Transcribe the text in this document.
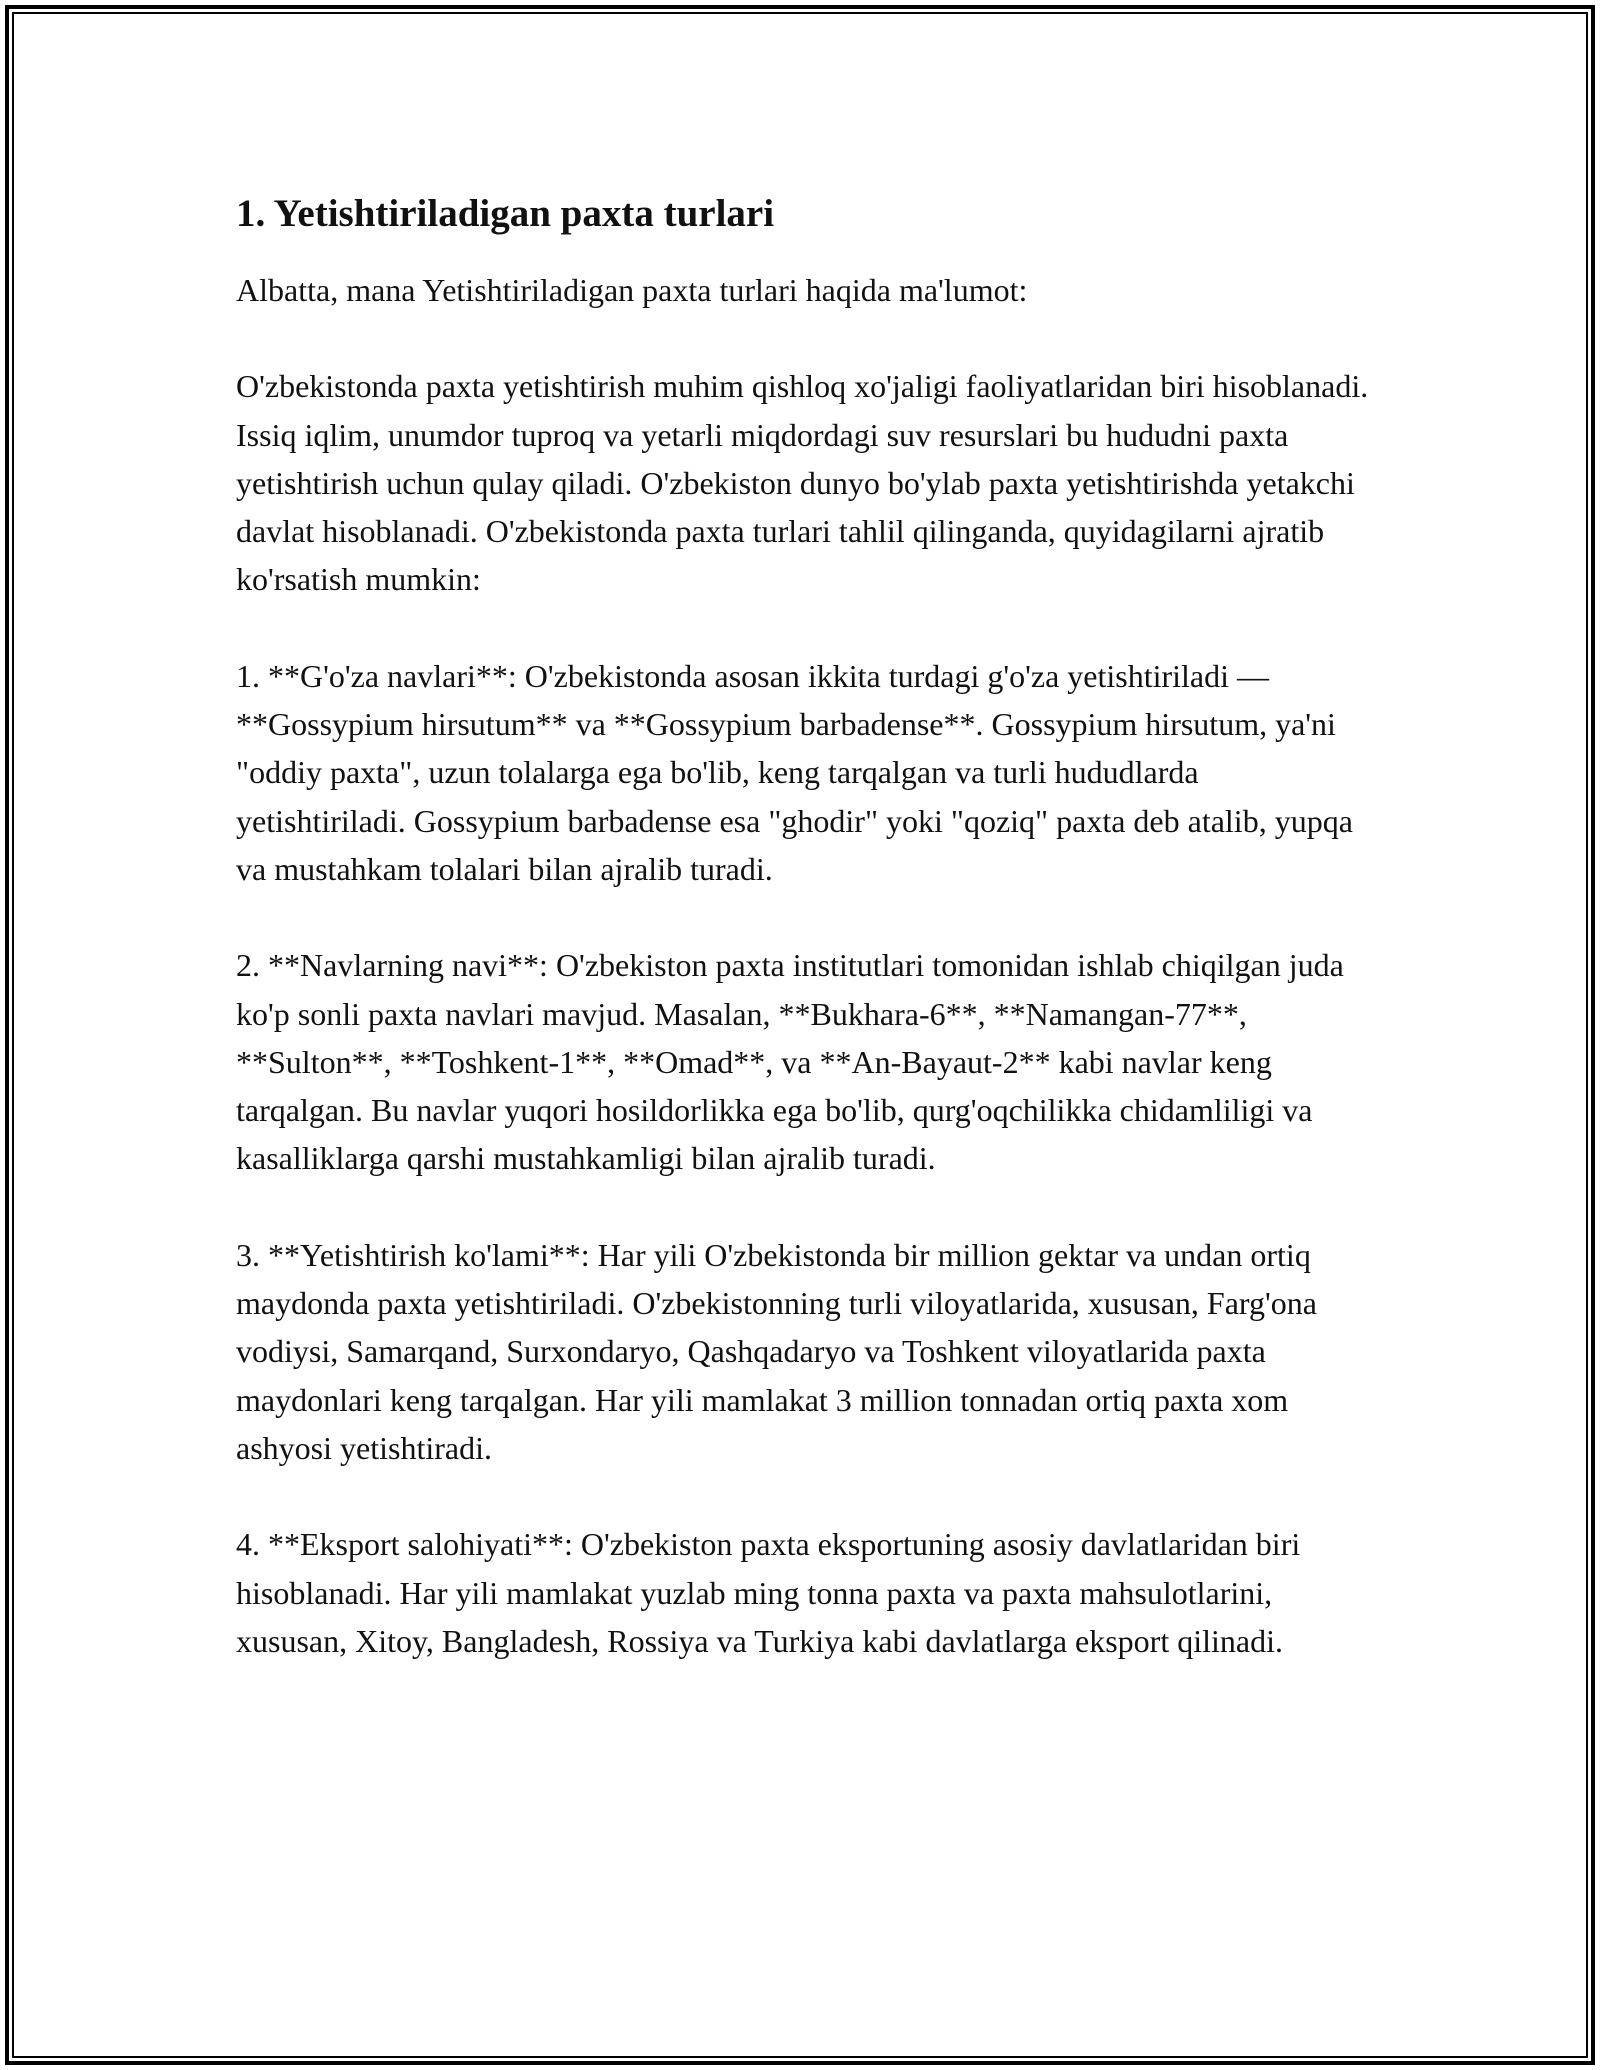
1. Yetishtiriladigan paxta turlari

Albatta, mana Yetishtiriladigan paxta turlari haqida ma'lumot:

O'zbekistonda paxta yetishtirish muhim qishloq xo'jaligi faoliyatlaridan biri hisoblanadi. Issiq iqlim, unumdor tuproq va yetarli miqdordagi suv resurslari bu hududni paxta yetishtirish uchun qulay qiladi. O'zbekiston dunyo bo'ylab paxta yetishtirishda yetakchi davlat hisoblanadi. O'zbekistonda paxta turlari tahlil qilinganda, quyidagilarni ajratib ko'rsatish mumkin:

1. **G'o'za navlari**: O'zbekistonda asosan ikkita turdagi g'o'za yetishtiriladi — **Gossypium hirsutum** va **Gossypium barbadense**. Gossypium hirsutum, ya'ni "oddiy paxta", uzun tolalarga ega bo'lib, keng tarqalgan va turli hududlarda yetishtiriladi. Gossypium barbadense esa "ghodir" yoki "qoziq" paxta deb atalib, yupqa va mustahkam tolalari bilan ajralib turadi.

2. **Navlarning navi**: O'zbekiston paxta institutlari tomonidan ishlab chiqilgan juda ko'p sonli paxta navlari mavjud. Masalan, **Bukhara-6**, **Namangan-77**, **Sulton**, **Toshkent-1**, **Omad**, va **An-Bayaut-2** kabi navlar keng tarqalgan. Bu navlar yuqori hosildorlikka ega bo'lib, qurg'oqchilikka chidamliligi va kasalliklarga qarshi mustahkamligi bilan ajralib turadi.

3. **Yetishtirish ko'lami**: Har yili O'zbekistonda bir million gektar va undan ortiq maydonda paxta yetishtiriladi. O'zbekistonning turli viloyatlarida, xususan, Farg'ona vodiysi, Samarqand, Surxondaryo, Qashqadaryo va Toshkent viloyatlarida paxta maydonlari keng tarqalgan. Har yili mamlakat 3 million tonnadan ortiq paxta xom ashyosi yetishtiradi.

4. **Eksport salohiyati**: O'zbekiston paxta eksportuning asosiy davlatlaridan biri hisoblanadi. Har yili mamlakat yuzlab ming tonna paxta va paxta mahsulotlarini, xususan, Xitoy, Bangladesh, Rossiya va Turkiya kabi davlatlarga eksport qilinadi.
